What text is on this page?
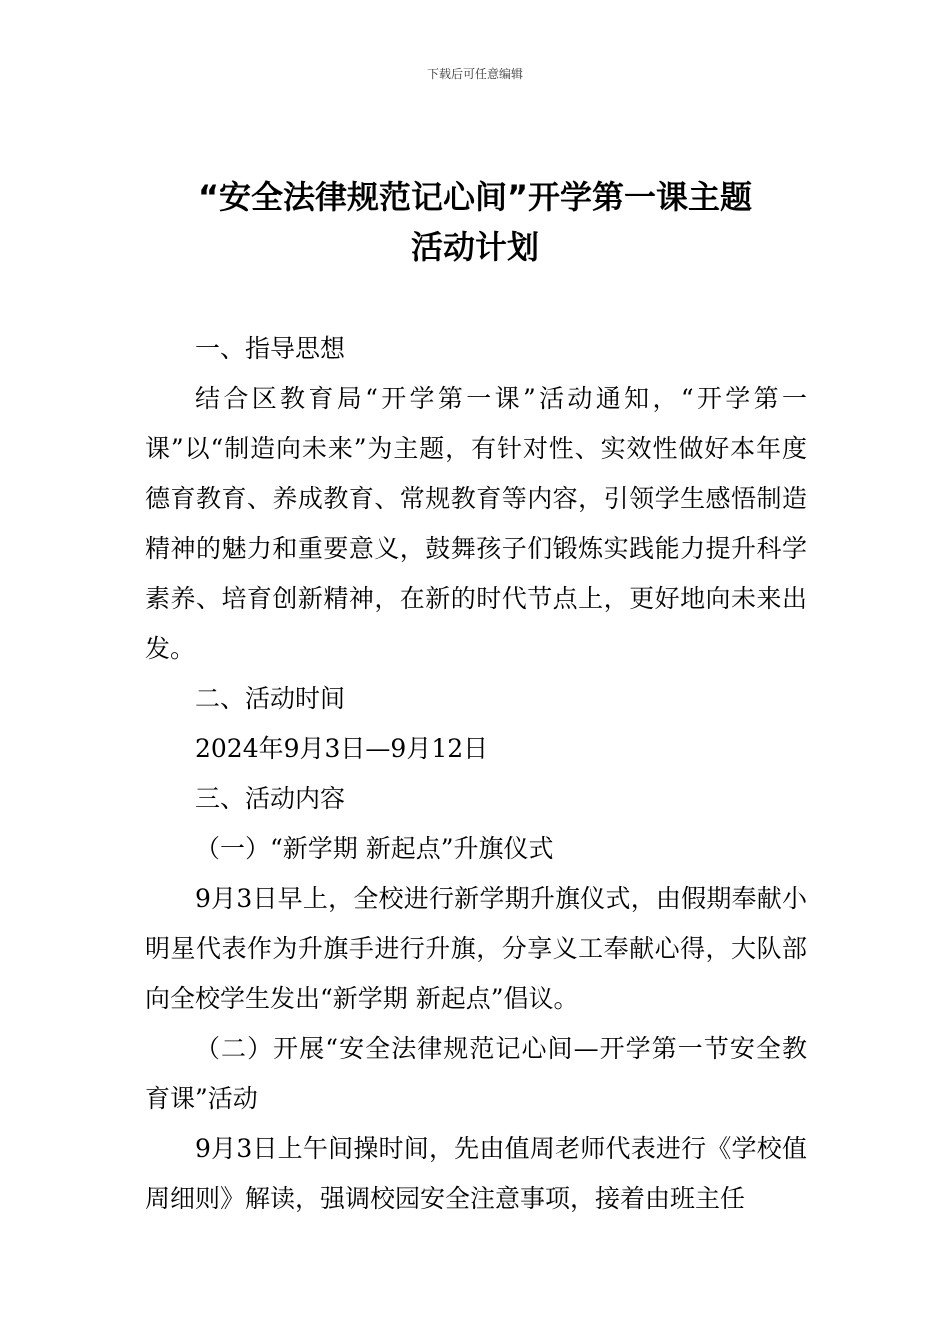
下载后可任意编辑
“安全法律规范记心间”开学第一课主题
活动计划

一、指导思想

结合区教育局“开学第一课”活动通知，“开学第一课”以“制造向未来”为主题，有针对性、实效性做好本年度德育教育、养成教育、常规教育等内容，引领学生感悟制造精神的魅力和重要意义，鼓舞孩子们锻炼实践能力提升科学素养、培育创新精神，在新的时代节点上，更好地向未来出发。

二、活动时间

2024年9月3日—9月12日

三、活动内容

（一）“新学期 新起点”升旗仪式

9月3日早上，全校进行新学期升旗仪式，由假期奉献小明星代表作为升旗手进行升旗，分享义工奉献心得，大队部向全校学生发出“新学期 新起点”倡议。

（二）开展“安全法律规范记心间—开学第一节安全教育课”活动

9月3日上午间操时间，先由值周老师代表进行《学校值周细则》解读，强调校园安全注意事项，接着由班主任
